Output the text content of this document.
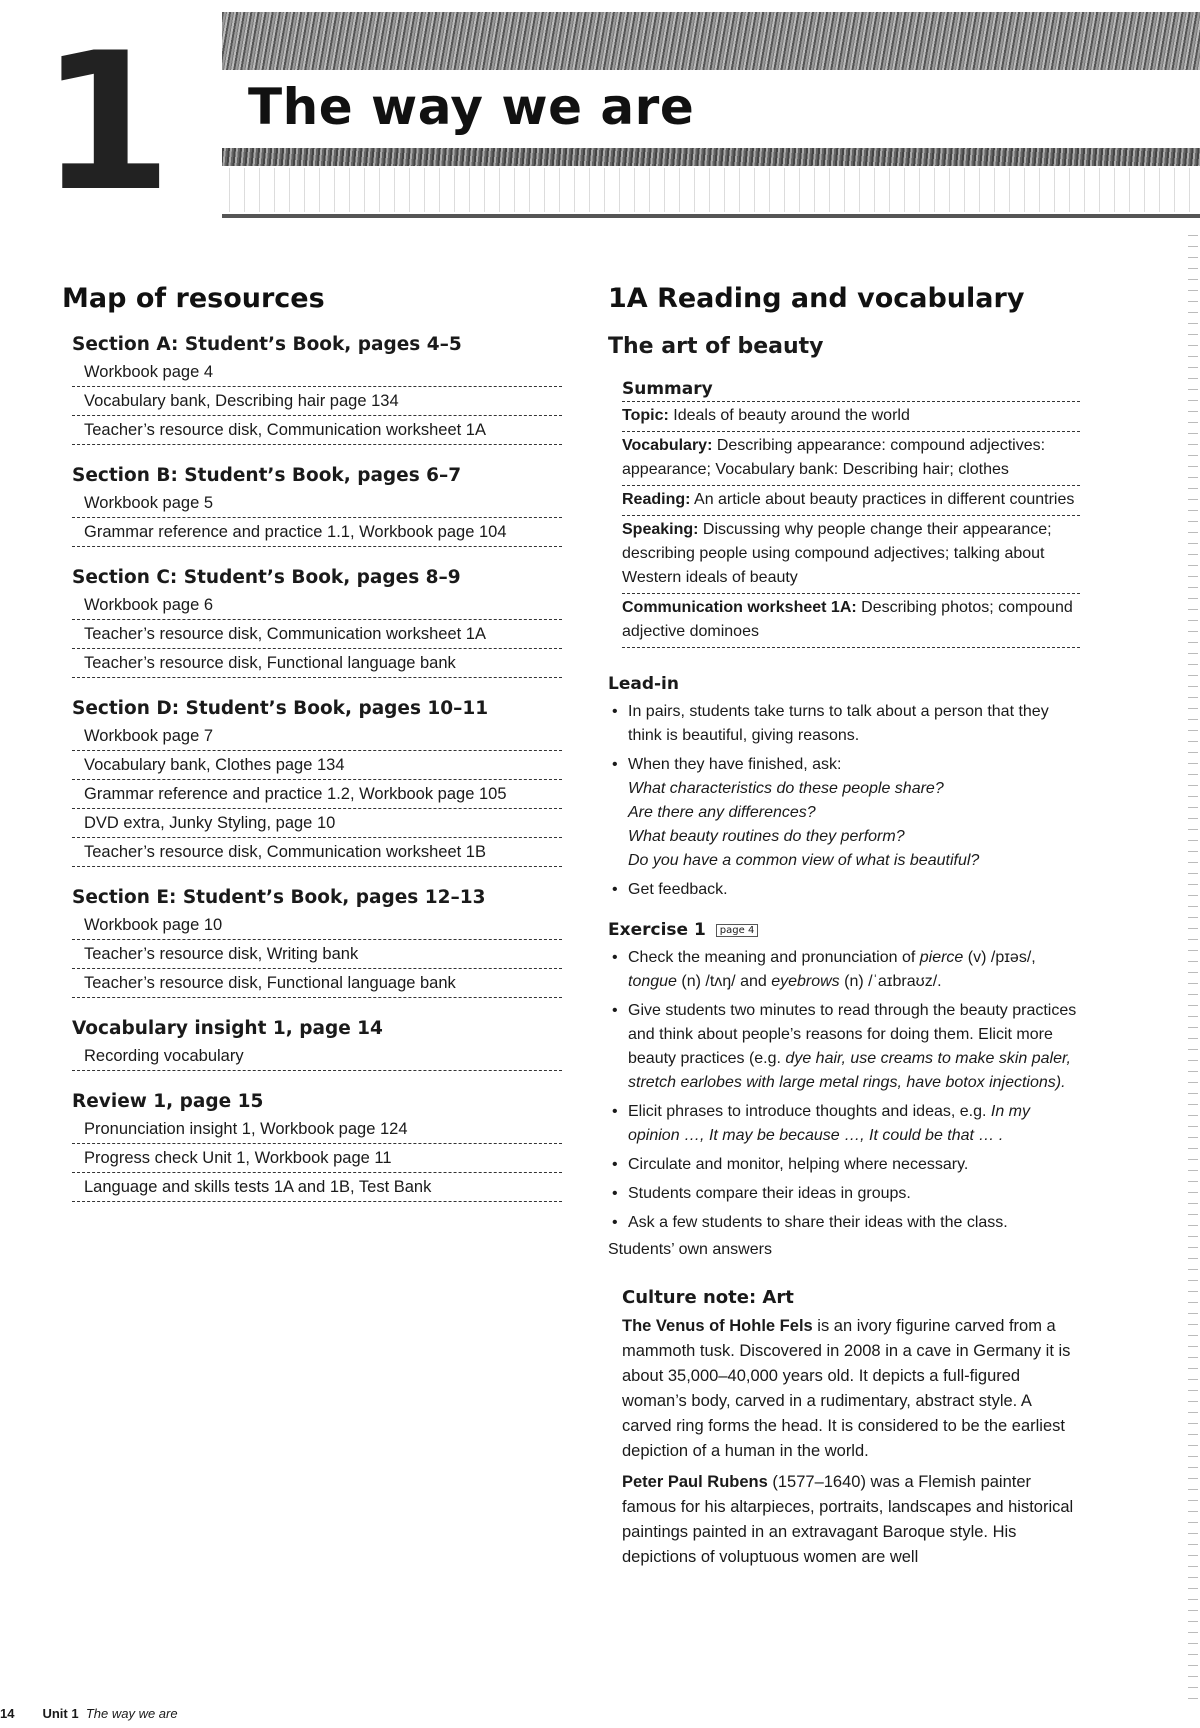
1 The way we are
Map of resources
Section A: Student’s Book, pages 4–5
Workbook page 4
Vocabulary bank, Describing hair page 134
Teacher’s resource disk, Communication worksheet 1A
Section B: Student’s Book, pages 6–7
Workbook page 5
Grammar reference and practice 1.1, Workbook page 104
Section C: Student’s Book, pages 8–9
Workbook page 6
Teacher’s resource disk, Communication worksheet 1A
Teacher’s resource disk, Functional language bank
Section D: Student’s Book, pages 10–11
Workbook page 7
Vocabulary bank, Clothes page 134
Grammar reference and practice 1.2, Workbook page 105
DVD extra, Junky Styling, page 10
Teacher’s resource disk, Communication worksheet 1B
Section E: Student’s Book, pages 12–13
Workbook page 10
Teacher’s resource disk, Writing bank
Teacher’s resource disk, Functional language bank
Vocabulary insight 1, page 14
Recording vocabulary
Review 1, page 15
Pronunciation insight 1, Workbook page 124
Progress check Unit 1, Workbook page 11
Language and skills tests 1A and 1B, Test Bank
1A Reading and vocabulary
The art of beauty
Summary
Topic: Ideals of beauty around the world
Vocabulary: Describing appearance: compound adjectives: appearance; Vocabulary bank: Describing hair; clothes
Reading: An article about beauty practices in different countries
Speaking: Discussing why people change their appearance; describing people using compound adjectives; talking about Western ideals of beauty
Communication worksheet 1A: Describing photos; compound adjective dominoes
Lead-in
• In pairs, students take turns to talk about a person that they think is beautiful, giving reasons.
• When they have finished, ask:
What characteristics do these people share?
Are there any differences?
What beauty routines do they perform?
Do you have a common view of what is beautiful?
• Get feedback.
Exercise 1 page 4
• Check the meaning and pronunciation of pierce (v) /pɪəs/, tongue (n) /tʌŋ/ and eyebrows (n) /ˈaɪbraʊz/.
• Give students two minutes to read through the beauty practices and think about people’s reasons for doing them. Elicit more beauty practices (e.g. dye hair, use creams to make skin paler, stretch earlobes with large metal rings, have botox injections).
• Elicit phrases to introduce thoughts and ideas, e.g. In my opinion …, It may be because …, It could be that … .
• Circulate and monitor, helping where necessary.
• Students compare their ideas in groups.
• Ask a few students to share their ideas with the class.
Students’ own answers
Culture note: Art

The Venus of Hohle Fels is an ivory figurine carved from a mammoth tusk. Discovered in 2008 in a cave in Germany it is about 35,000–40,000 years old. It depicts a full-figured woman’s body, carved in a rudimentary, abstract style. A carved ring forms the head. It is considered to be the earliest depiction of a human in the world.

Peter Paul Rubens (1577–1640) was a Flemish painter famous for his altarpieces, portraits, landscapes and historical paintings painted in an extravagant Baroque style. His depictions of voluptuous women are well

14 Unit 1 The way we are
